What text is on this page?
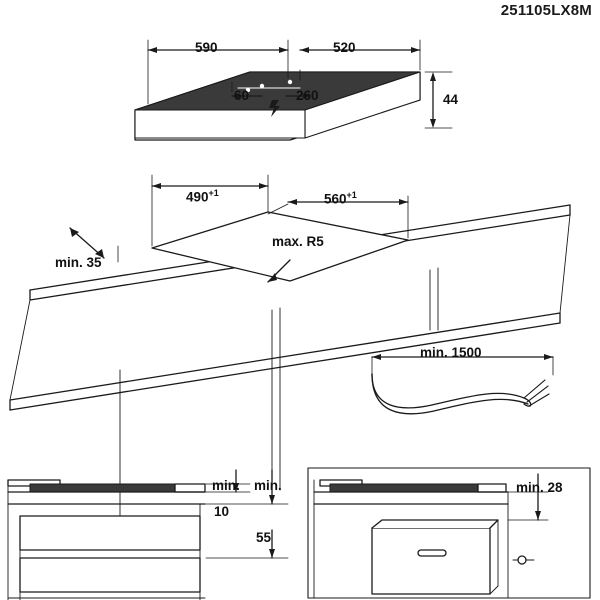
251105LX8M
590	520
60	260	44
$490^{+1}$	$560^{+1}$
max. R5
min. 35
min. 1500
min.
10
min.
55
min. 28
